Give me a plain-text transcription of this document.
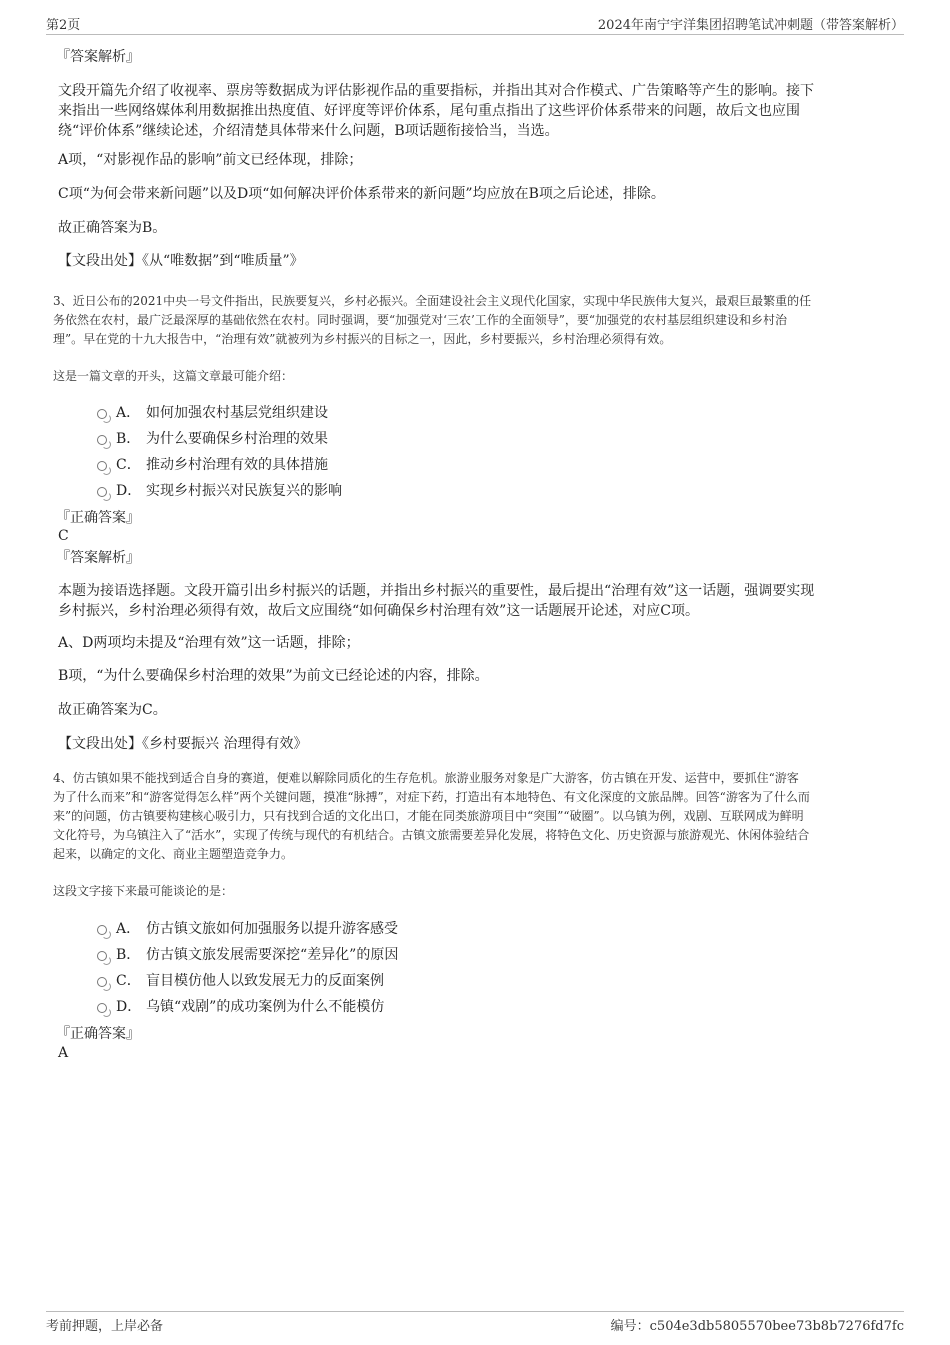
第2页	2024年南宁宇洋集团招聘笔试冲刺题（带答案解析）
『答案解析』

文段开篇先介绍了收视率、票房等数据成为评估影视作品的重要指标，并指出其对合作模式、广告策略等产生的影响。接下

来指出一些网络媒体利用数据推出热度值、好评度等评价体系，尾句重点指出了这些评价体系带来的问题，故后文也应围

绕“评价体系”继续论述，介绍清楚具体带来什么问题，B项话题衔接恰当，当选。

A项，“对影视作品的影响”前文已经体现，排除；

C项“为何会带来新问题”以及D项“如何解决评价体系带来的新问题”均应放在B项之后论述，排除。

故正确答案为B。

【文段出处】《从“唯数据”到“唯质量”》

3、近日公布的2021中央一号文件指出，民族要复兴，乡村必振兴。全面建设社会主义现代化国家，实现中华民族伟大复兴，最艰巨最繁重的任
务依然在农村，最广泛最深厚的基础依然在农村。同时强调，要“加强党对‘三农’工作的全面领导”，要“加强党的农村基层组织建设和乡村治
理”。早在党的十九大报告中，“治理有效”就被列为乡村振兴的目标之一，因此，乡村要振兴，乡村治理必须得有效。
这是一篇文章的开头，这篇文章最可能介绍：
A． 如何加强农村基层党组织建设
B． 为什么要确保乡村治理的效果
C． 推动乡村治理有效的具体措施
D． 实现乡村振兴对民族复兴的影响
『正确答案』
C
『答案解析』

本题为接语选择题。文段开篇引出乡村振兴的话题，并指出乡村振兴的重要性，最后提出“治理有效”这一话题，强调要实现

乡村振兴，乡村治理必须得有效，故后文应围绕“如何确保乡村治理有效”这一话题展开论述，对应C项。

A、D两项均未提及“治理有效”这一话题，排除；

B项，“为什么要确保乡村治理的效果”为前文已经论述的内容，排除。

故正确答案为C。

【文段出处】《乡村要振兴 治理得有效》

4、仿古镇如果不能找到适合自身的赛道，便难以解除同质化的生存危机。旅游业服务对象是广大游客，仿古镇在开发、运营中，要抓住“游客
为了什么而来”和“游客觉得怎么样”两个关键问题，摸准“脉搏”，对症下药，打造出有本地特色、有文化深度的文旅品牌。回答“游客为了什么而
来”的问题，仿古镇要构建核心吸引力，只有找到合适的文化出口，才能在同类旅游项目中“突围”“破圈”。以乌镇为例，戏剧、互联网成为鲜明
文化符号，为乌镇注入了“活水”，实现了传统与现代的有机结合。古镇文旅需要差异化发展，将特色文化、历史资源与旅游观光、休闲体验结合
起来，以确定的文化、商业主题塑造竞争力。
这段文字接下来最可能谈论的是：
A． 仿古镇文旅如何加强服务以提升游客感受
B． 仿古镇文旅发展需要深挖“差异化”的原因
C． 盲目模仿他人以致发展无力的反面案例
D． 乌镇“戏剧”的成功案例为什么不能模仿
『正确答案』
A
考前押题，上岸必备	编号：c504e3db5805570bee73b8b7276fd7fc
